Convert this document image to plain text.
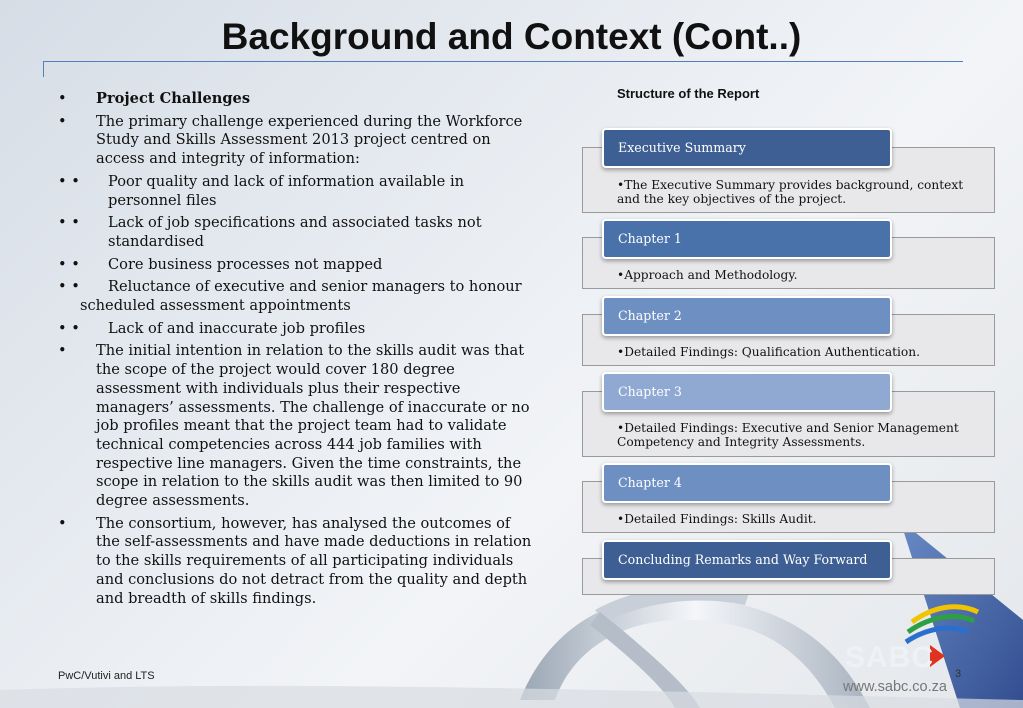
Background and Context (Cont..)
•	Project Challenges
•	The primary challenge experienced during the Workforce Study and Skills Assessment 2013 project centred on access and integrity of information:
• •	Poor quality and lack of information available in personnel files
• •	Lack of job specifications and associated tasks not standardised
• •	Core business processes not mapped
• •	Reluctance of executive and senior managers to honour scheduled assessment appointments
• •	Lack of and inaccurate job profiles
•	The initial intention in relation to the skills audit was that the scope of the project would cover 180 degree assessment with individuals plus their respective managers’ assessments. The challenge of inaccurate or no job profiles meant that the project team had to validate technical competencies across 444 job families with respective line managers. Given the time constraints, the scope in relation to the skills audit was then limited to 90 degree assessments.
•	The consortium, however, has analysed the outcomes of the self-assessments and have made deductions in relation to the skills requirements of all participating individuals and conclusions do not detract from the quality and depth and breadth of skills findings.
Structure of the Report
•The Executive Summary provides background, context and the key objectives of the project.
Executive Summary
•Approach and Methodology.
Chapter 1
•Detailed Findings: Qualification Authentication.
Chapter 2
•Detailed Findings: Executive and Senior Management Competency and Integrity Assessments.
Chapter 3
•Detailed Findings: Skills Audit.
Chapter 4
Concluding Remarks and Way Forward
PwC/Vutivi and LTS	3
SABC
www.sabc.co.za
